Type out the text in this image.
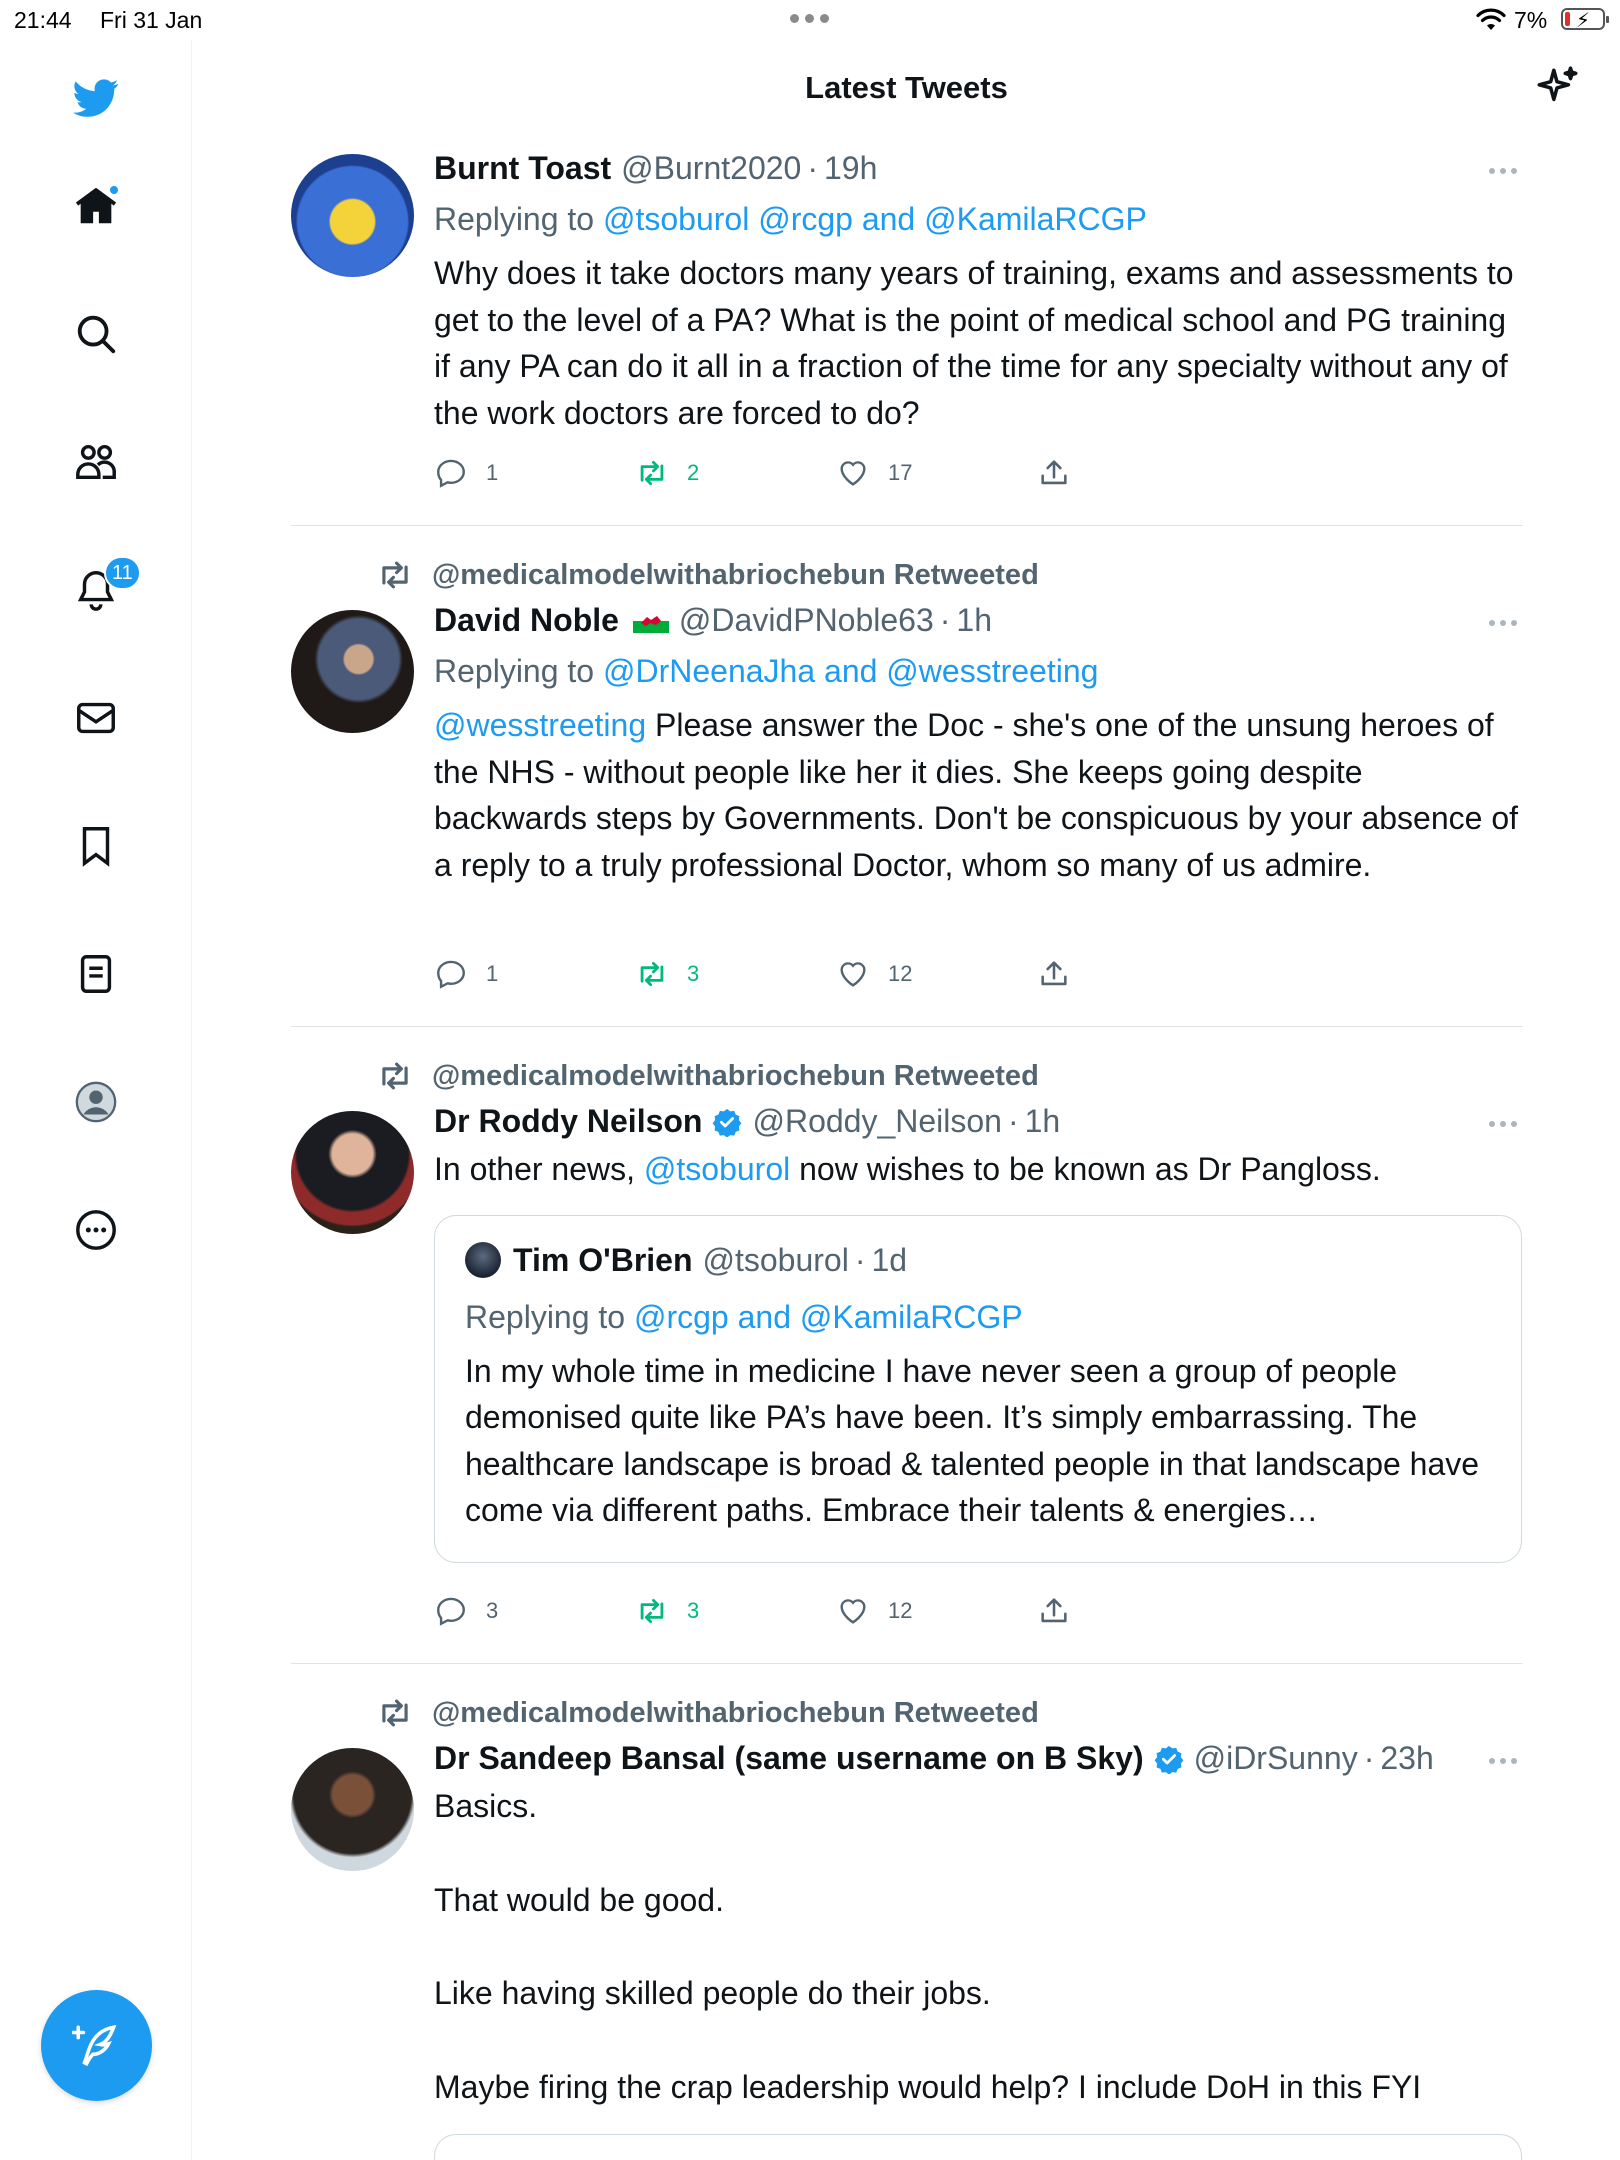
21:44 Fri 31 Jan	7% ⚡
11
Latest Tweets
Burnt Toast @Burnt2020 · 19h
Replying to @tsoburol @rcgp and @KamilaRCGP
Why does it take doctors many years of training, exams and assessments to get to the level of a PA? What is the point of medical school and PG training if any PA can do it all in a fraction of the time for any specialty without any of the work doctors are forced to do?
1	2	17
@medicalmodelwithabriochebun Retweeted
David Noble @DavidPNoble63 · 1h
Replying to @DrNeenaJha and @wesstreeting
@wesstreeting Please answer the Doc - she's one of the unsung heroes of the NHS - without people like her it dies. She keeps going despite backwards steps by Governments. Don't be conspicuous by your absence of a reply to a truly professional Doctor, whom so many of us admire.
1	3	12
@medicalmodelwithabriochebun Retweeted
Dr Roddy Neilson @Roddy_Neilson · 1h
In other news, @tsoburol now wishes to be known as Dr Pangloss.
Tim O'Brien @tsoburol · 1d
Replying to @rcgp and @KamilaRCGP
In my whole time in medicine I have never seen a group of people demonised quite like PA’s have been. It’s simply embarrassing. The healthcare landscape is broad & talented people in that landscape have come via different paths. Embrace their talents & energies…
3	3	12
@medicalmodelwithabriochebun Retweeted
Dr Sandeep Bansal (same username on B Sky) @iDrSunny · 23h
Basics.
That would be good.
Like having skilled people do their jobs.
Maybe firing the crap leadership would help? I include DoH in this FYI
